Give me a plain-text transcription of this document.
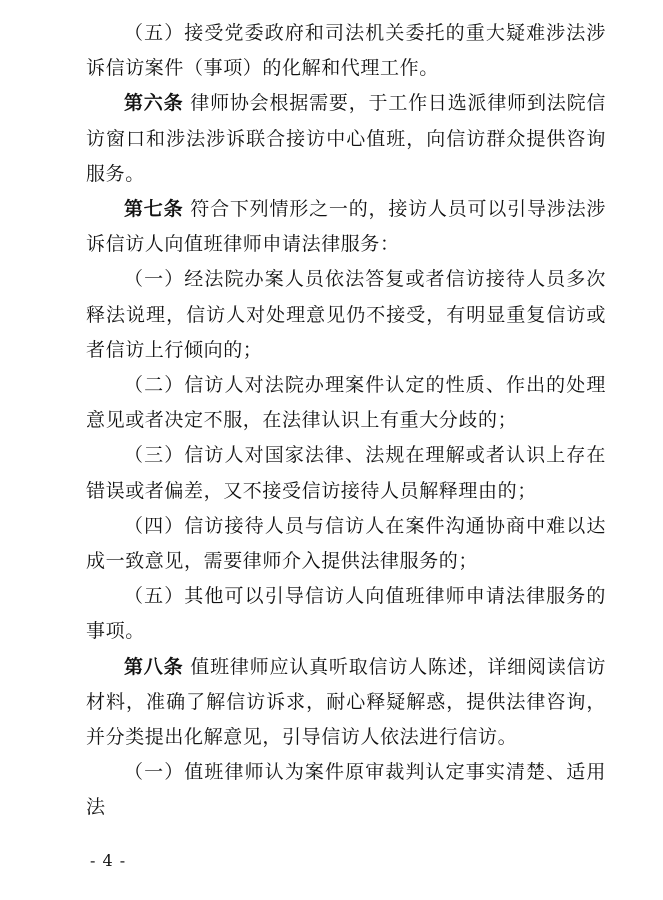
（五）接受党委政府和司法机关委托的重大疑难涉法涉诉信访案件（事项）的化解和代理工作。

第六条 律师协会根据需要，于工作日选派律师到法院信访窗口和涉法涉诉联合接访中心值班，向信访群众提供咨询服务。

第七条 符合下列情形之一的，接访人员可以引导涉法涉诉信访人向值班律师申请法律服务：

（一）经法院办案人员依法答复或者信访接待人员多次释法说理，信访人对处理意见仍不接受，有明显重复信访或者信访上行倾向的；

（二）信访人对法院办理案件认定的性质、作出的处理意见或者决定不服，在法律认识上有重大分歧的；

（三）信访人对国家法律、法规在理解或者认识上存在错误或者偏差，又不接受信访接待人员解释理由的；

（四）信访接待人员与信访人在案件沟通协商中难以达成一致意见，需要律师介入提供法律服务的；

（五）其他可以引导信访人向值班律师申请法律服务的事项。

第八条 值班律师应认真听取信访人陈述，详细阅读信访材料，准确了解信访诉求，耐心释疑解惑，提供法律咨询，并分类提出化解意见，引导信访人依法进行信访。

（一）值班律师认为案件原审裁判认定事实清楚、适用法

- 4 -
